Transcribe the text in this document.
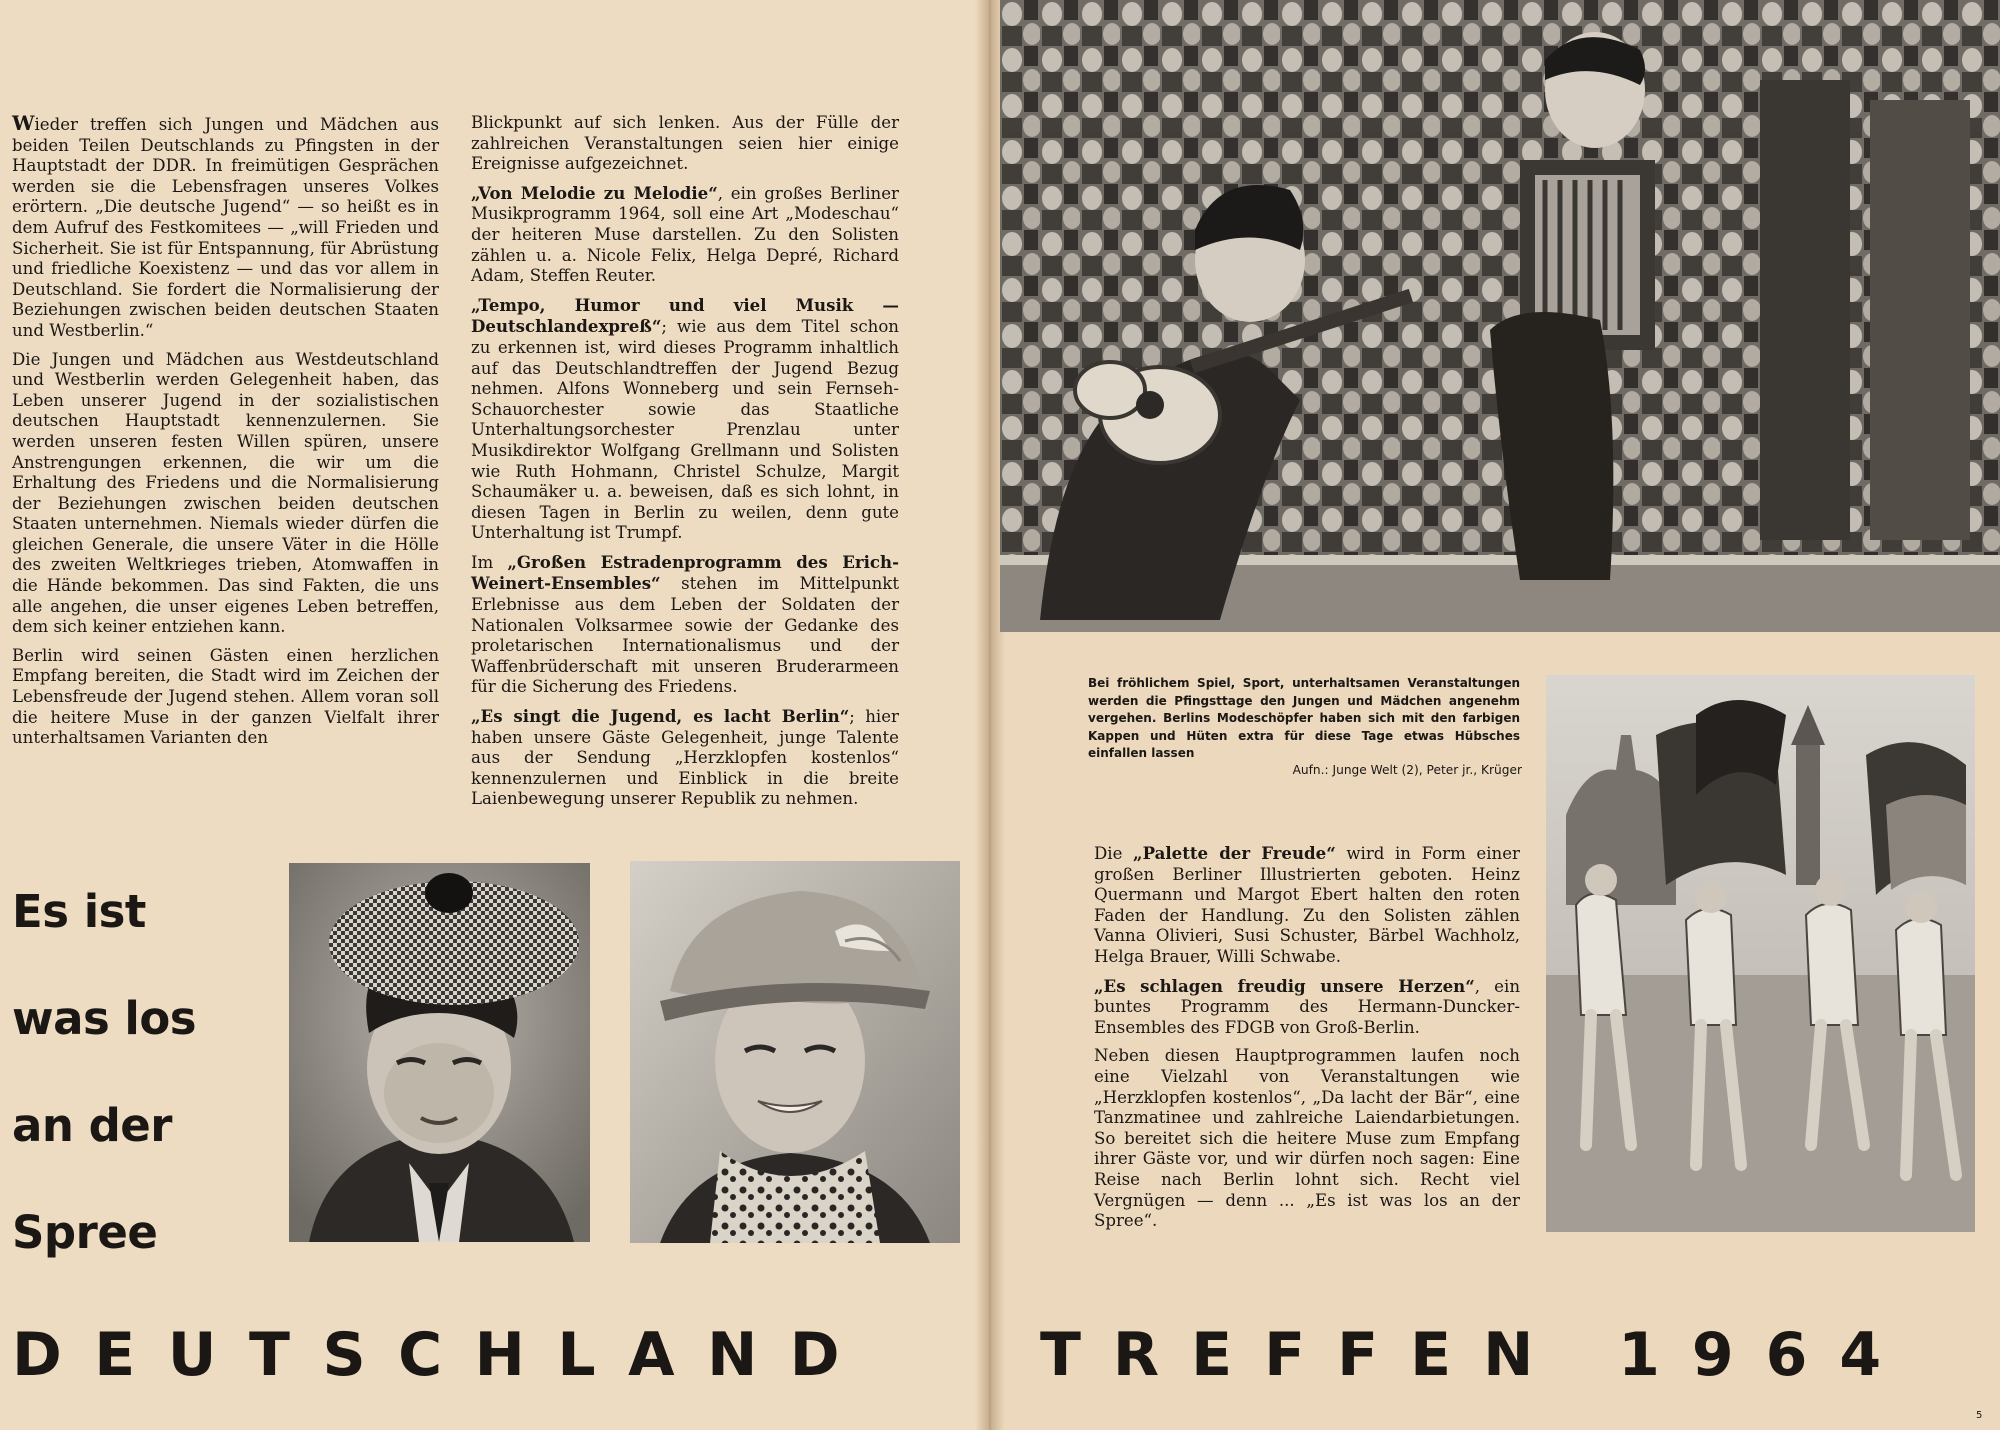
Wieder treffen sich Jungen und Mädchen aus beiden Teilen Deutschlands zu Pfingsten in der Hauptstadt der DDR. In freimütigen Gesprächen werden sie die Lebensfragen unseres Volkes erörtern. „Die deutsche Jugend“ — so heißt es in dem Aufruf des Festkomitees — „will Frieden und Sicherheit. Sie ist für Entspannung, für Abrüstung und friedliche Koexistenz — und das vor allem in Deutschland. Sie fordert die Normalisierung der Beziehungen zwischen beiden deutschen Staaten und Westberlin.“

Die Jungen und Mädchen aus Westdeutschland und Westberlin werden Gelegenheit haben, das Leben unserer Jugend in der sozialistischen deutschen Hauptstadt kennenzulernen. Sie werden unseren festen Willen spüren, unsere Anstrengungen erkennen, die wir um die Erhaltung des Friedens und die Normalisierung der Beziehungen zwischen beiden deutschen Staaten unternehmen. Niemals wieder dürfen die gleichen Generale, die unsere Väter in die Hölle des zweiten Weltkrieges trieben, Atomwaffen in die Hände bekommen. Das sind Fakten, die uns alle angehen, die unser eigenes Leben betreffen, dem sich keiner entziehen kann.

Berlin wird seinen Gästen einen herzlichen Empfang bereiten, die Stadt wird im Zeichen der Lebensfreude der Jugend stehen. Allem voran soll die heitere Muse in der ganzen Vielfalt ihrer unterhaltsamen Varianten den

Blickpunkt auf sich lenken. Aus der Fülle der zahlreichen Veranstaltungen seien hier einige Ereignisse aufgezeichnet.

„Von Melodie zu Melodie“, ein großes Berliner Musikprogramm 1964, soll eine Art „Modeschau“ der heiteren Muse darstellen. Zu den Solisten zählen u. a. Nicole Felix, Helga Depré, Richard Adam, Steffen Reuter.

„Tempo, Humor und viel Musik — Deutschlandexpreß“; wie aus dem Titel schon zu erkennen ist, wird dieses Programm inhaltlich auf das Deutschlandtreffen der Jugend Bezug nehmen. Alfons Wonneberg und sein Fernseh-Schauorchester sowie das Staatliche Unterhaltungsorchester Prenzlau unter Musikdirektor Wolfgang Grellmann und Solisten wie Ruth Hohmann, Christel Schulze, Margit Schaumäker u. a. beweisen, daß es sich lohnt, in diesen Tagen in Berlin zu weilen, denn gute Unterhaltung ist Trumpf.

Im „Großen Estradenprogramm des Erich-Weinert-Ensembles“ stehen im Mittelpunkt Erlebnisse aus dem Leben der Soldaten der Nationalen Volksarmee sowie der Gedanke des proletarischen Internationalismus und der Waffenbrüderschaft mit unseren Bruderarmeen für die Sicherung des Friedens.

„Es singt die Jugend, es lacht Berlin“; hier haben unsere Gäste Gelegenheit, junge Talente aus der Sendung „Herzklopfen kostenlos“ kennenzulernen und Einblick in die breite Laienbewegung unserer Republik zu nehmen.

Es ist
was los
an der
Spree
Bei fröhlichem Spiel, Sport, unterhaltsamen Veranstaltungen werden die Pfingsttage den Jungen und Mädchen angenehm vergehen. Berlins Modeschöpfer haben sich mit den farbigen Kappen und Hüten extra für diese Tage etwas Hübsches einfallen lassen
Aufn.: Junge Welt (2), Peter jr., Krüger

Die „Palette der Freude“ wird in Form einer großen Berliner Illustrierten geboten. Heinz Quermann und Margot Ebert halten den roten Faden der Handlung. Zu den Solisten zählen Vanna Olivieri, Susi Schuster, Bärbel Wachholz, Helga Brauer, Willi Schwabe.

„Es schlagen freudig unsere Herzen“, ein buntes Programm des Hermann-Duncker-Ensembles des FDGB von Groß-Berlin.

Neben diesen Hauptprogrammen laufen noch eine Vielzahl von Veranstaltungen wie „Herzklopfen kostenlos“, „Da lacht der Bär“, eine Tanzmatinee und zahlreiche Laiendarbietungen. So bereitet sich die heitere Muse zum Empfang ihrer Gäste vor, und wir dürfen noch sagen: Eine Reise nach Berlin lohnt sich. Recht viel Vergnügen — denn ... „Es ist was los an der Spree“.

DEUTSCHLAND	TREFFEN 1964
5
